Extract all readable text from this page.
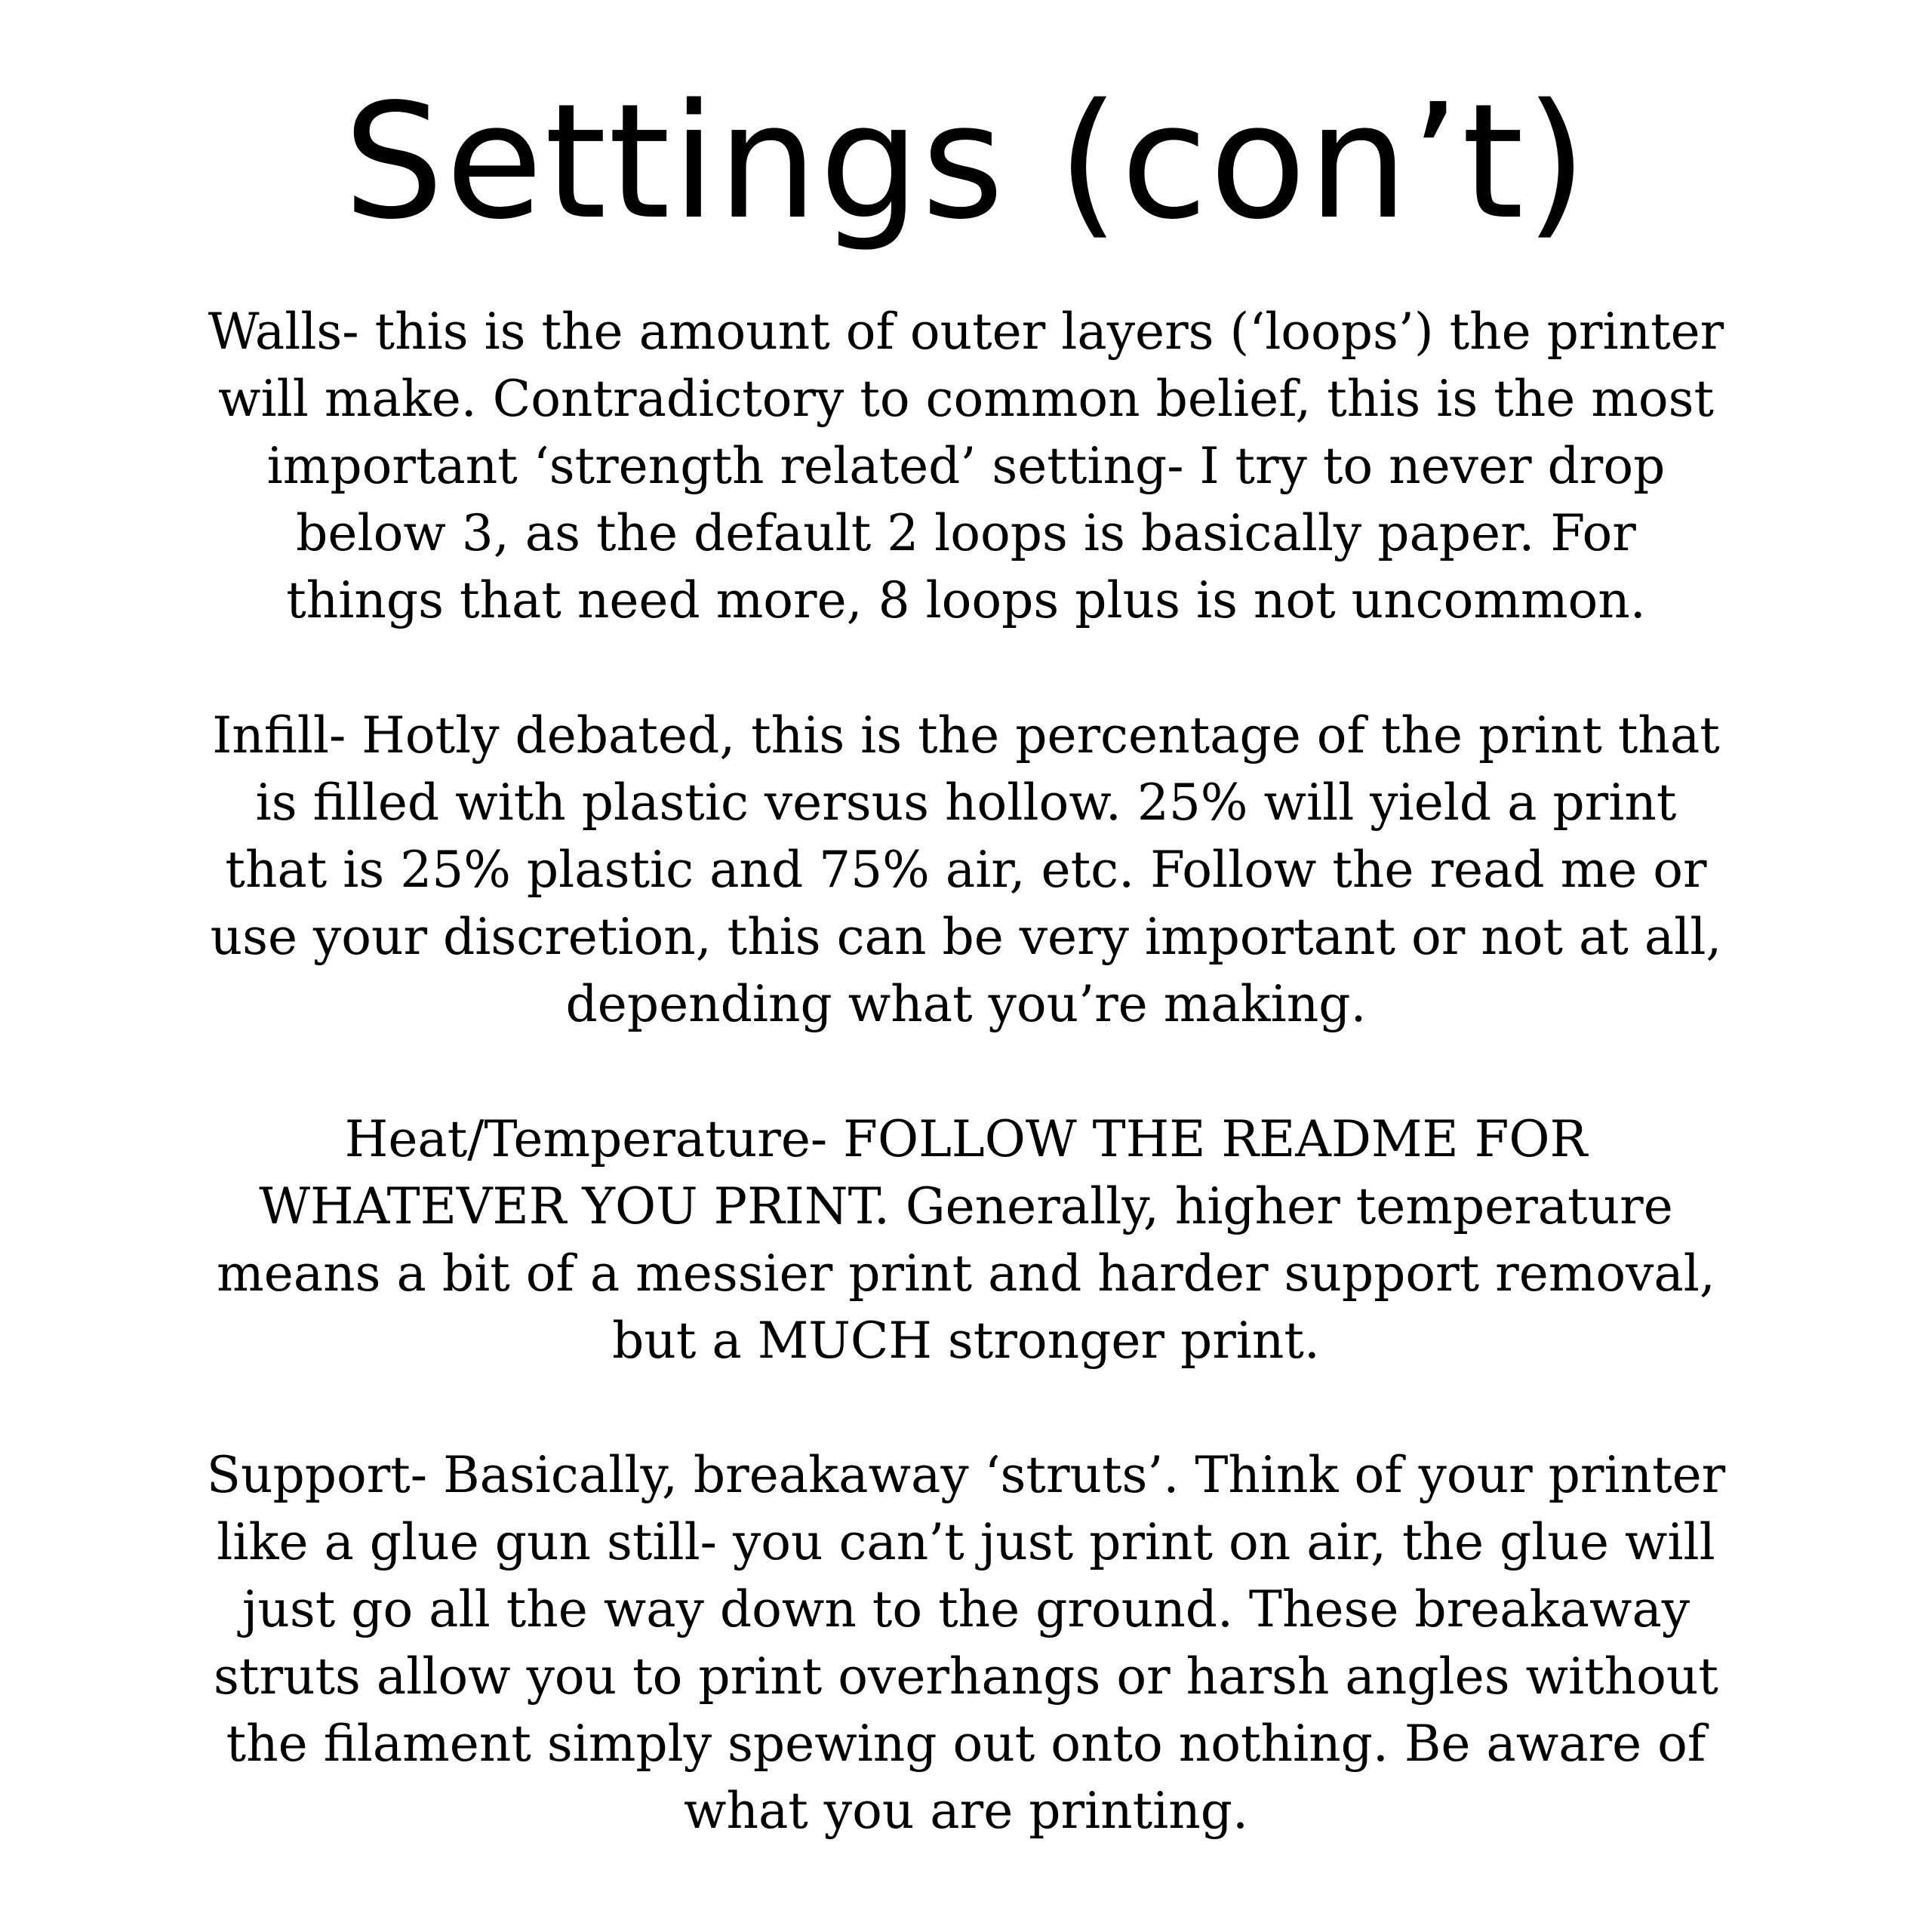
Settings (con’t)
Walls- this is the amount of outer layers (‘loops’) the printer
will make. Contradictory to common belief, this is the most
important ‘strength related’ setting- I try to never drop
below 3, as the default 2 loops is basically paper. For
things that need more, 8 loops plus is not uncommon.
Infill- Hotly debated, this is the percentage of the print that
is filled with plastic versus hollow. 25% will yield a print
that is 25% plastic and 75% air, etc. Follow the read me or
use your discretion, this can be very important or not at all,
depending what you’re making.
Heat/Temperature- FOLLOW THE README FOR
WHATEVER YOU PRINT. Generally, higher temperature
means a bit of a messier print and harder support removal,
but a MUCH stronger print.
Support- Basically, breakaway ‘struts’. Think of your printer
like a glue gun still- you can’t just print on air, the glue will
just go all the way down to the ground. These breakaway
struts allow you to print overhangs or harsh angles without
the filament simply spewing out onto nothing. Be aware of
what you are printing.
